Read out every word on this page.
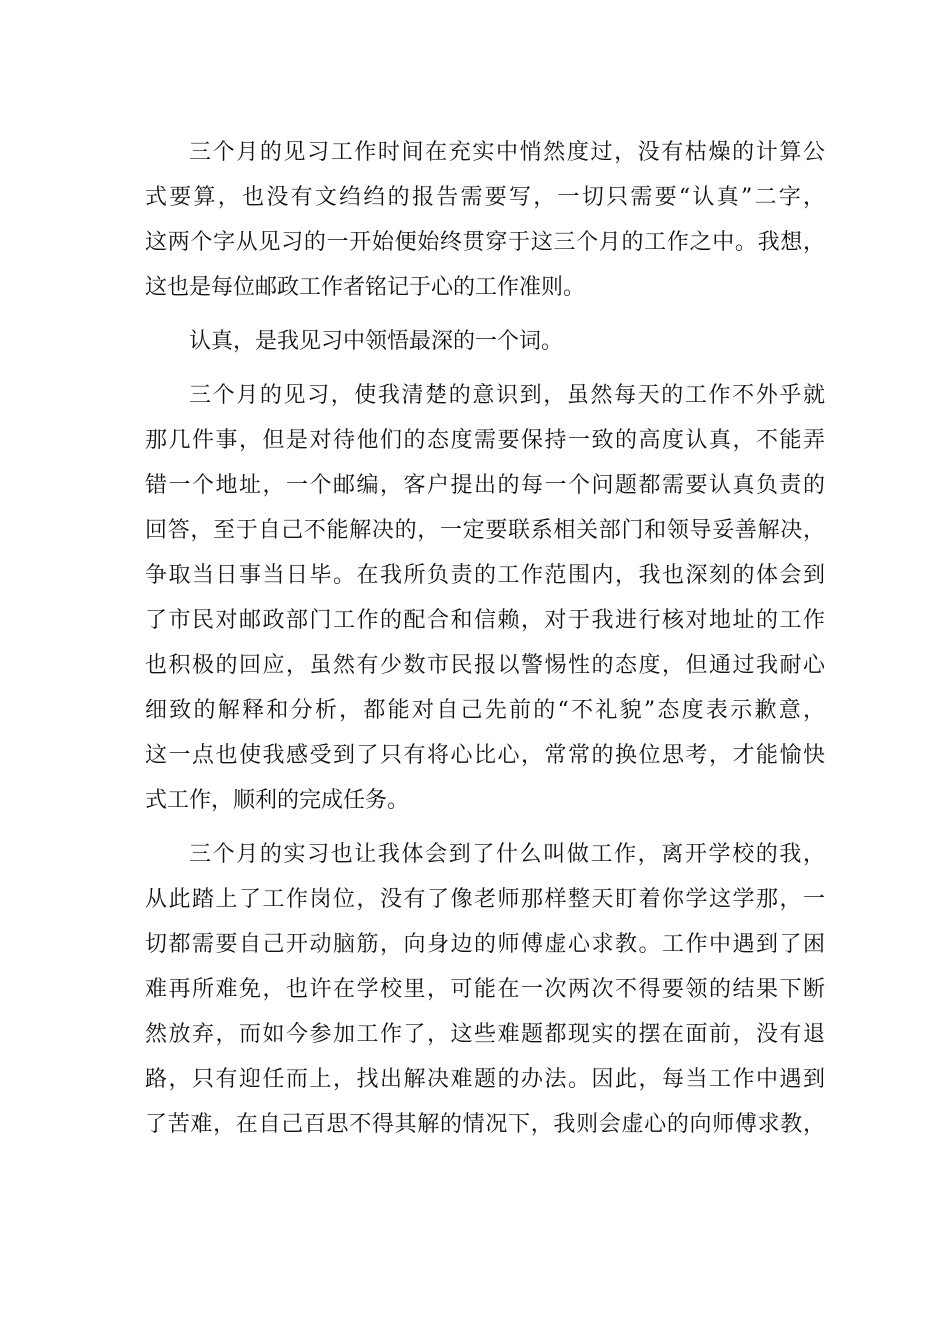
三个月的见习工作时间在充实中悄然度过，没有枯燥的计算公
式要算，也没有文绉绉的报告需要写，一切只需要“认真”二字，
这两个字从见习的一开始便始终贯穿于这三个月的工作之中。我想，
这也是每位邮政工作者铭记于心的工作准则。
认真，是我见习中领悟最深的一个词。
三个月的见习，使我清楚的意识到，虽然每天的工作不外乎就
那几件事，但是对待他们的态度需要保持一致的高度认真，不能弄
错一个地址，一个邮编，客户提出的每一个问题都需要认真负责的
回答，至于自己不能解决的，一定要联系相关部门和领导妥善解决，
争取当日事当日毕。在我所负责的工作范围内，我也深刻的体会到
了市民对邮政部门工作的配合和信赖，对于我进行核对地址的工作
也积极的回应，虽然有少数市民报以警惕性的态度，但通过我耐心
细致的解释和分析，都能对自己先前的“不礼貌”态度表示歉意，
这一点也使我感受到了只有将心比心，常常的换位思考，才能愉快
式工作，顺利的完成任务。
三个月的实习也让我体会到了什么叫做工作，离开学校的我，
从此踏上了工作岗位，没有了像老师那样整天盯着你学这学那，一
切都需要自己开动脑筋，向身边的师傅虚心求教。工作中遇到了困
难再所难免，也许在学校里，可能在一次两次不得要领的结果下断
然放弃，而如今参加工作了，这些难题都现实的摆在面前，没有退
路，只有迎任而上，找出解决难题的办法。因此，每当工作中遇到
了苦难，在自己百思不得其解的情况下，我则会虚心的向师傅求教，
